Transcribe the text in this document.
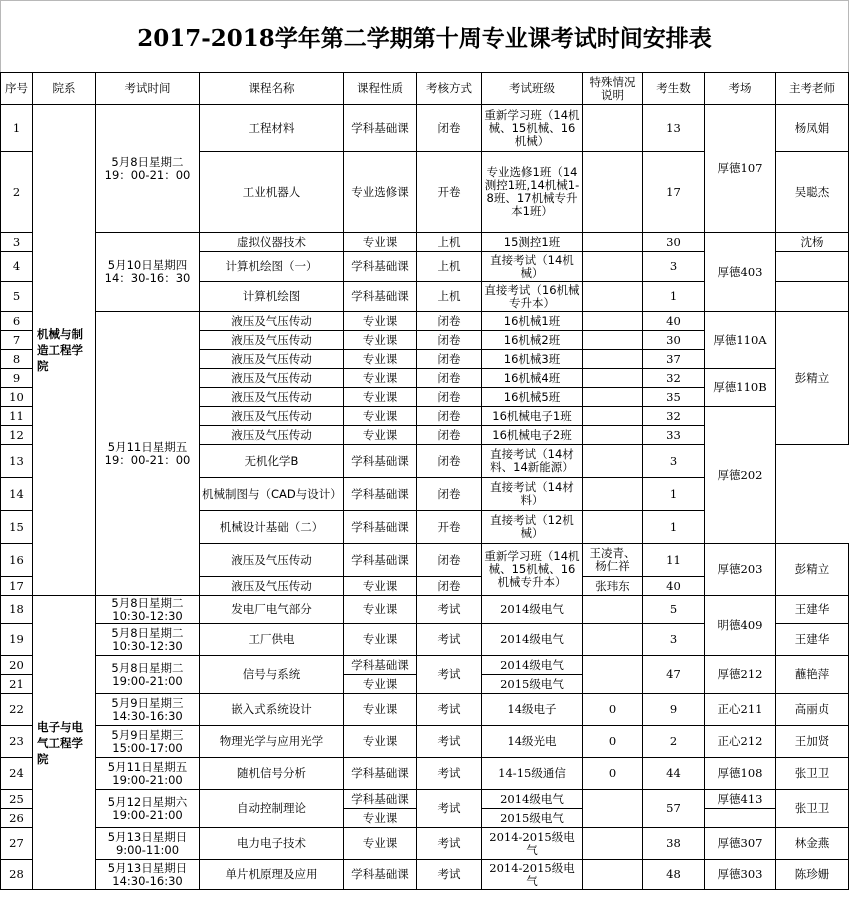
2017-2018学年第二学期第十周专业课考试时间安排表
序号	院系	考试时间	课程名称	课程性质	考核方式	考试班级	特殊情况说明	考生数	考场	主考老师
1	机械与制造工程学院	5月8日星期二 19：00-21：00	工程材料	学科基础课	闭卷	重新学习班（14机械、15机械、16机械）		13	厚德107	杨凤娟
2			工业机器人	专业选修课	开卷	专业选修1班（14测控1班,14机械1-8班、17机械专升本1班）		17		吴聪杰
3		5月10日星期四 14：30-16：30	虚拟仪器技术	专业课	上机	15测控1班		30	厚德403	沈杨
4			计算机绘图（一）	学科基础课	上机	直接考试（14机械）		3		
5			计算机绘图	学科基础课	上机	直接考试（16机械专升本）		1		
6		5月11日星期五 19：00-21：00	液压及气压传动	专业课	闭卷	16机械1班		40	厚德110A	彭精立
7			液压及气压传动	专业课	闭卷	16机械2班		30		
8			液压及气压传动	专业课	闭卷	16机械3班		37		
9			液压及气压传动	专业课	闭卷	16机械4班		32	厚德110B	
10			液压及气压传动	专业课	闭卷	16机械5班		35		
11			液压及气压传动	专业课	闭卷	16机械电子1班		32	厚德202	
12			液压及气压传动	专业课	闭卷	16机械电子2班		33		
13			无机化学B	学科基础课	闭卷	直接考试（14材料、14新能源）		3		
14			机械制图与（CAD与设计）	学科基础课	闭卷	直接考试（14材料）		1		
15			机械设计基础（二）	学科基础课	开卷	直接考试（12机械）		1		
16			液压及气压传动	学科基础课	闭卷	重新学习班（14机械、15机械、16机械专升本）	王凌青、杨仁祥	11	厚德203	彭精立
17			液压及气压传动	专业课	闭卷		张玮东	40		
18	电子与电气工程学院	5月8日星期二 10:30-12:30	发电厂电气部分	专业课	考试	2014级电气		5	明德409	王建华
19		5月8日星期二 10:30-12:30	工厂供电	专业课	考试	2014级电气		3		王建华
20		5月8日星期二 19:00-21:00	信号与系统	学科基础课	考试	2014级电气		47	厚德212	蘸艳萍
21				专业课		2015级电气				
22		5月9日星期三 14:30-16:30	嵌入式系统设计	专业课	考试	14级电子	0	9	正心211	高丽贞
23		5月9日星期三 15:00-17:00	物理光学与应用光学	专业课	考试	14级光电	0	2	正心212	王加贤
24		5月11日星期五 19:00-21:00	随机信号分析	学科基础课	考试	14-15级通信	0	44	厚德108	张卫卫
25		5月12日星期六 19:00-21:00	自动控制理论	学科基础课	考试	2014级电气		57	厚德413	张卫卫
26				专业课		2015级电气				
27		5月13日星期日 9:00-11:00	电力电子技术	专业课	考试	2014-2015级电气		38	厚德307	林金燕
28		5月13日星期日 14:30-16:30	单片机原理及应用	学科基础课	考试	2014-2015级电气		48	厚德303	陈珍姗
